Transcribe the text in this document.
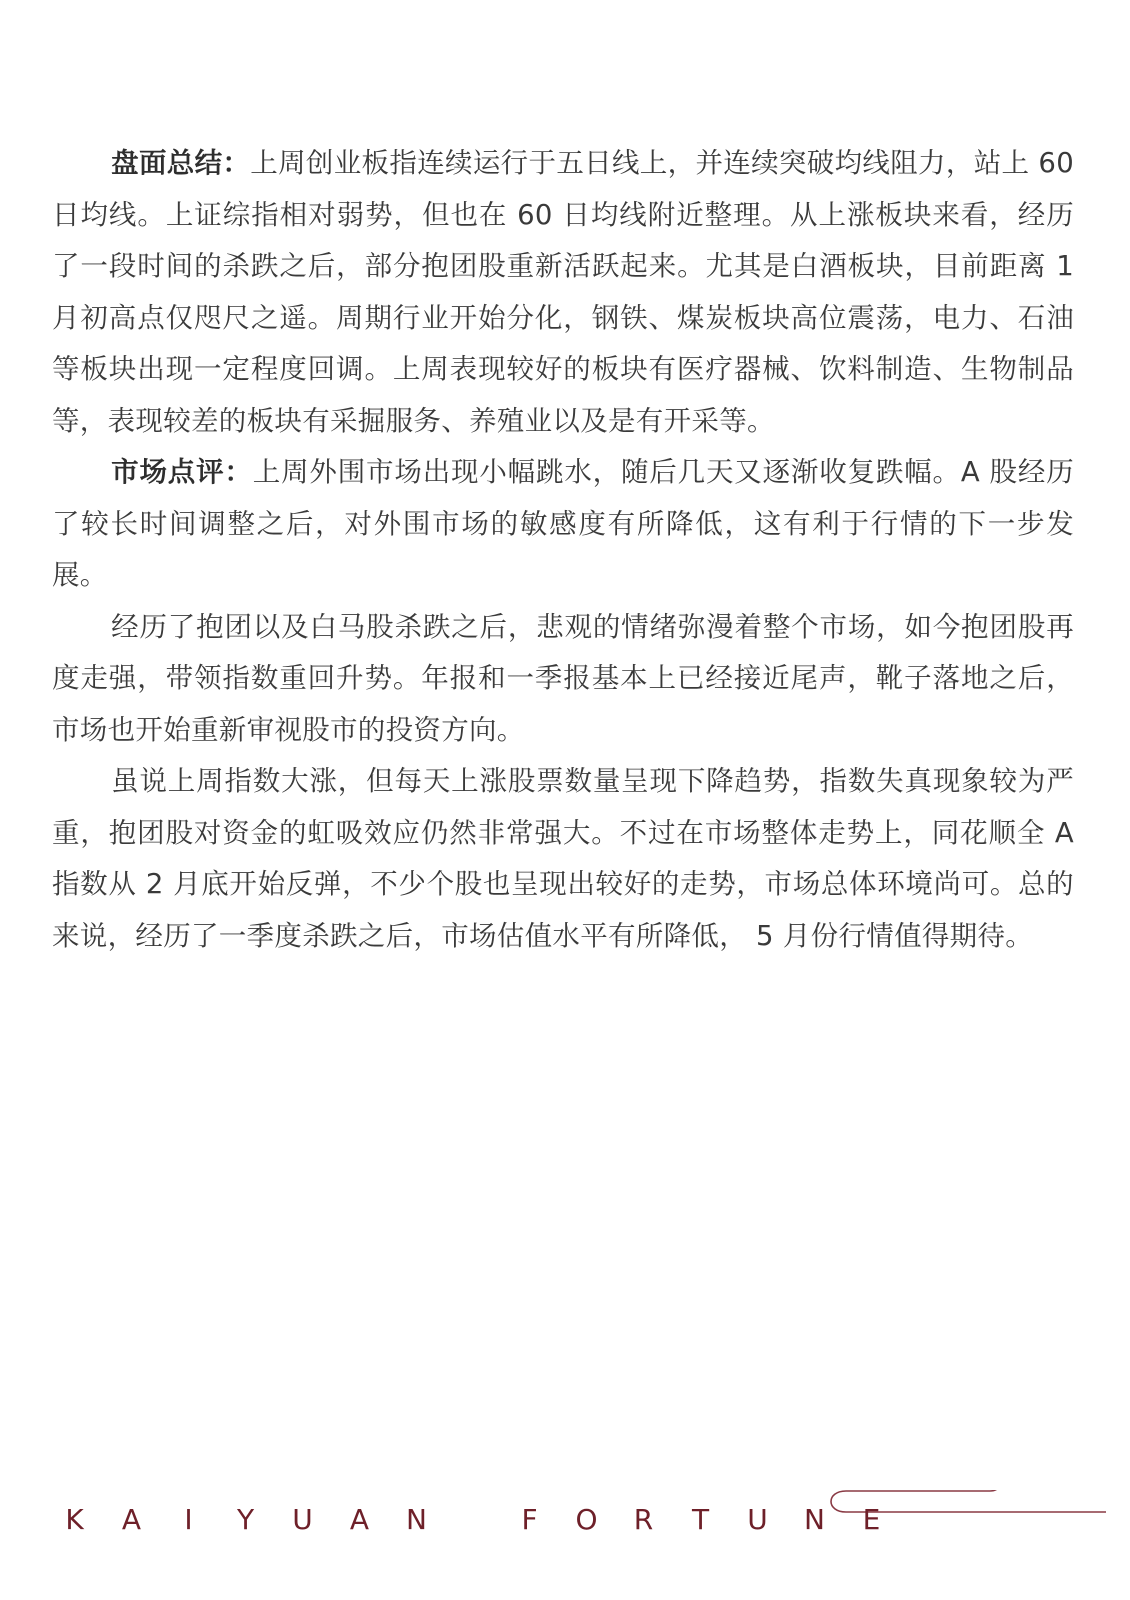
盘面总结：上周创业板指连续运行于五日线上，并连续突破均线阻力，站上 60 日均线。上证综指相对弱势，但也在 60 日均线附近整理。从上涨板块来看，经历了一段时间的杀跌之后，部分抱团股重新活跃起来。尤其是白酒板块，目前距离 1 月初高点仅咫尺之遥。周期行业开始分化，钢铁、煤炭板块高位震荡，电力、石油等板块出现一定程度回调。上周表现较好的板块有医疗器械、饮料制造、生物制品等，表现较差的板块有采掘服务、养殖业以及是有开采等。

市场点评：上周外围市场出现小幅跳水，随后几天又逐渐收复跌幅。A 股经历了较长时间调整之后，对外围市场的敏感度有所降低，这有利于行情的下一步发展。

经历了抱团以及白马股杀跌之后，悲观的情绪弥漫着整个市场，如今抱团股再度走强，带领指数重回升势。年报和一季报基本上已经接近尾声，靴子落地之后，市场也开始重新审视股市的投资方向。

虽说上周指数大涨，但每天上涨股票数量呈现下降趋势，指数失真现象较为严重，抱团股对资金的虹吸效应仍然非常强大。不过在市场整体走势上，同花顺全 A 指数从 2 月底开始反弹，不少个股也呈现出较好的走势，市场总体环境尚可。总的来说，经历了一季度杀跌之后，市场估值水平有所降低， 5 月份行情值得期待。

K	A	I	Y	U	A	N	F	O	R	T	U	N	E
